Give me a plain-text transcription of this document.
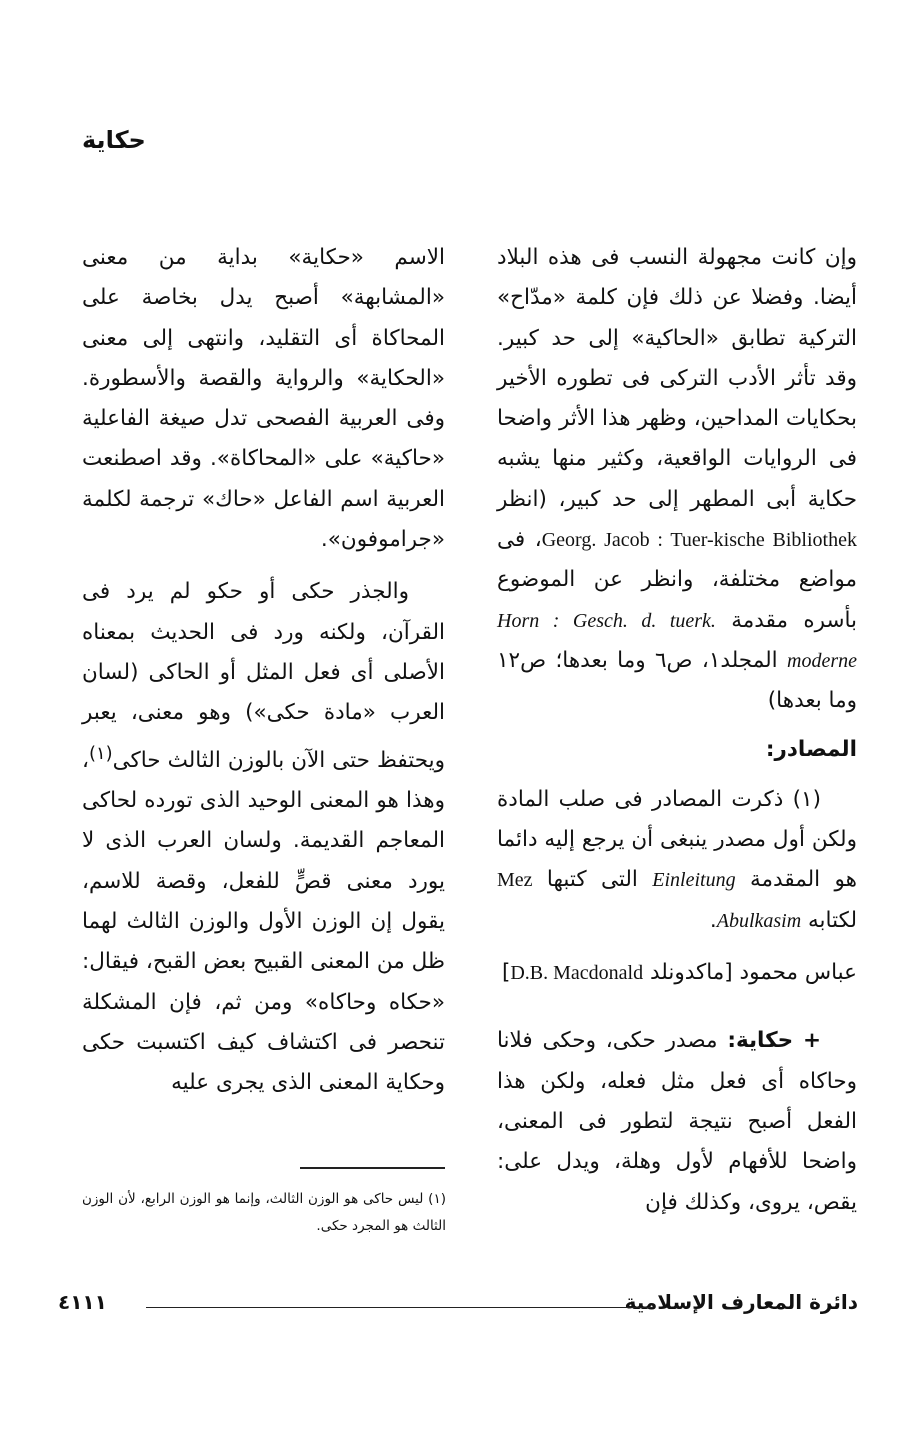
حكاية

وإن كانت مجهولة النسب فى هذه البلاد أيضا. وفضلا عن ذلك فإن كلمة «مدّاح» التركية تطابق «الحاكية» إلى حد كبير. وقد تأثر الأدب التركى فى تطوره الأخير بحكايات المداحين، وظهر هذا الأثر واضحا فى الروايات الواقعية، وكثير منها يشبه حكاية أبى المطهر إلى حد كبير، (انظر Georg. Jacob : Tuer-kische Bibliothek، فى مواضع مختلفة، وانظر عن الموضوع بأسره مقدمة Horn : Gesch. d. tuerk. moderne المجلد١، ص٦ وما بعدها؛ ص١٢ وما بعدها)

المصادر:

(١) ذكرت المصادر فى صلب المادة ولكن أول مصدر ينبغى أن يرجع إليه دائما هو المقدمة Einleitung التى كتبها Mez لكتابه Abulkasim.

عباس محمود [ماكدونلد D.B. Macdonald]

+ حكاية: مصدر حكى، وحكى فلانا وحاكاه أى فعل مثل فعله، ولكن هذا الفعل أصبح نتيجة لتطور فى المعنى، واضحا للأفهام لأول وهلة، ويدل على: يقص، يروى، وكذلك فإن

الاسم «حكاية» بداية من معنى «المشابهة» أصبح يدل بخاصة على المحاكاة أى التقليد، وانتهى إلى معنى «الحكاية» والرواية والقصة والأسطورة. وفى العربية الفصحى تدل صيغة الفاعلية «حاكية» على «المحاكاة». وقد اصطنعت العربية اسم الفاعل «حاك» ترجمة لكلمة «جراموفون».

والجذر حكى أو حكو لم يرد فى القرآن، ولكنه ورد فى الحديث بمعناه الأصلى أى فعل المثل أو الحاكى (لسان العرب «مادة حكى») وهو معنى، يعبر ويحتفظ حتى الآن بالوزن الثالث حاكى$^{(١)}$، وهذا هو المعنى الوحيد الذى تورده لحاكى المعاجم القديمة. ولسان العرب الذى لا يورد معنى قصٍّ للفعل، وقصة للاسم، يقول إن الوزن الأول والوزن الثالث لهما ظل من المعنى القبيح بعض القبح، فيقال: «حكاه وحاكاه» ومن ثم، فإن المشكلة تنحصر فى اكتشاف كيف اكتسبت حكى وحكاية المعنى الذى يجرى عليه

(١) ليس حاكى هو الوزن الثالث، وإنما هو الوزن الرابع، لأن الوزن الثالث هو المجرد حكى.
دائرة المعارف الإسلامية
٤١١١
